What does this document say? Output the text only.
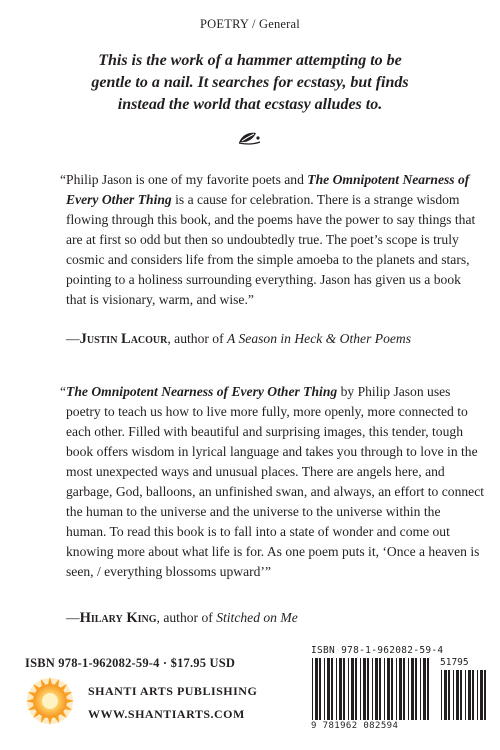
POETRY / General
This is the work of a hammer attempting to be
gentle to a nail. It searches for ecstasy, but finds
instead the world that ecstasy alludes to.
“Philip Jason is one of my favorite poets and The Omnipotent Nearness of Every Other Thing is a cause for celebration. There is a strange wisdom flowing through this book, and the poems have the power to say things that are at first so odd but then so undoubtedly true. The poet’s scope is truly cosmic and considers life from the simple amoeba to the planets and stars, pointing to a holiness surrounding everything. Jason has given us a book that is visionary, warm, and wise.”
—Justin Lacour, author of A Season in Heck & Other Poems
“The Omnipotent Nearness of Every Other Thing by Philip Jason uses poetry to teach us how to live more fully, more openly, more connected to each other. Filled with beautiful and surprising images, this tender, tough book offers wisdom in lyrical language and takes you through to love in the most unexpected ways and unusual places. There are angels here, and garbage, God, balloons, an unfinished swan, and always, an effort to connect the human to the universe and the universe to the universe within the human. To read this book is to fall into a state of wonder and come out knowing more about what life is for. As one poem puts it, ‘Once a heaven is seen, / everything blossoms upward’”
—Hilary King, author of Stitched on Me
ISBN 978-1-962082-59-4 · $17.95 USD
SHANTI ARTS PUBLISHING
WWW.SHANTIARTS.COM
ISBN 978-1-962082-59-4
51795
9 781962 082594
